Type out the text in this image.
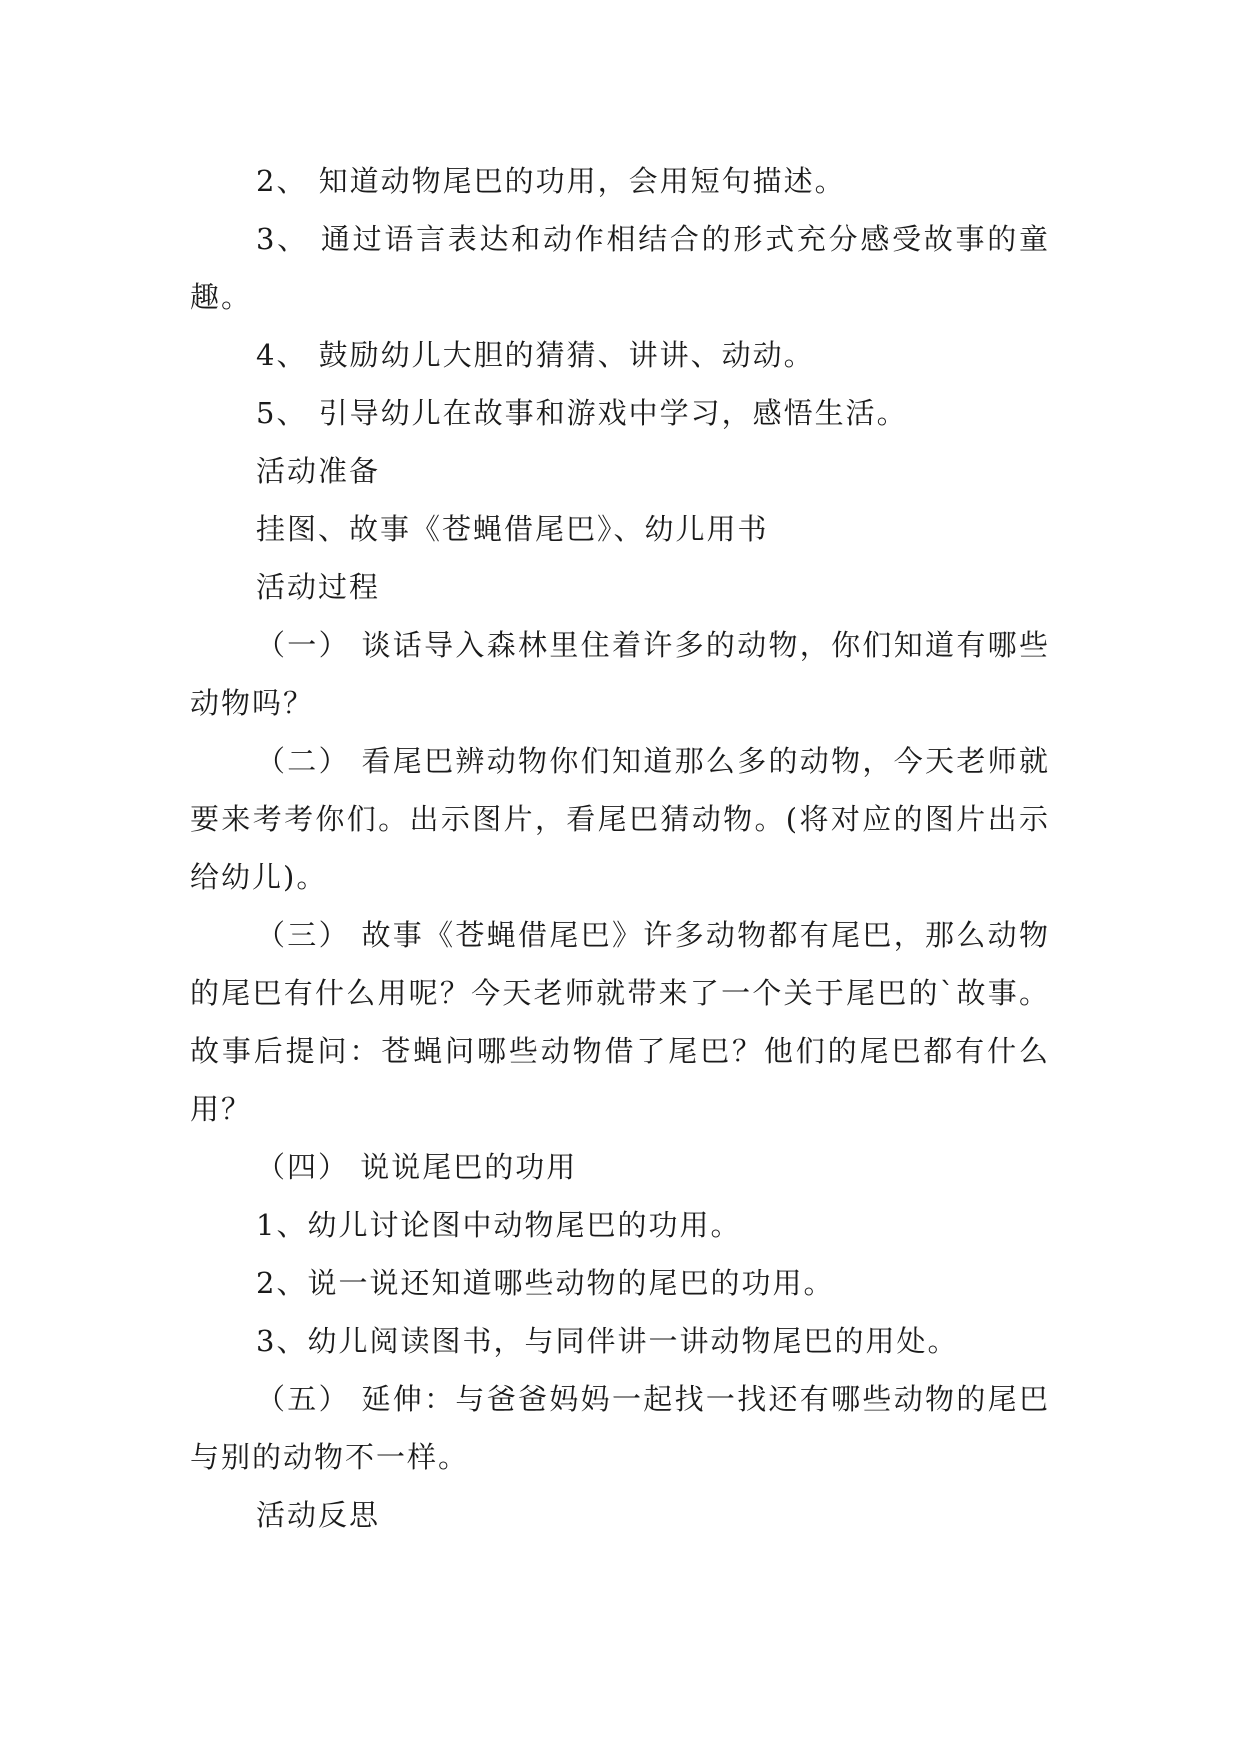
2、 知道动物尾巴的功用，会用短句描述。

3、 通过语言表达和动作相结合的形式充分感受故事的童趣。

4、 鼓励幼儿大胆的猜猜、讲讲、动动。

5、 引导幼儿在故事和游戏中学习，感悟生活。

活动准备

挂图、故事《苍蝇借尾巴》、幼儿用书

活动过程

（一） 谈话导入森林里住着许多的动物，你们知道有哪些动物吗？

（二） 看尾巴辨动物你们知道那么多的动物，今天老师就要来考考你们。出示图片，看尾巴猜动物。(将对应的图片出示给幼儿)。

（三） 故事《苍蝇借尾巴》许多动物都有尾巴，那么动物的尾巴有什么用呢？今天老师就带来了一个关于尾巴的`故事。故事后提问：苍蝇问哪些动物借了尾巴？他们的尾巴都有什么用？

（四） 说说尾巴的功用

1、幼儿讨论图中动物尾巴的功用。

2、说一说还知道哪些动物的尾巴的功用。

3、幼儿阅读图书，与同伴讲一讲动物尾巴的用处。

（五） 延伸：与爸爸妈妈一起找一找还有哪些动物的尾巴与别的动物不一样。

活动反思
